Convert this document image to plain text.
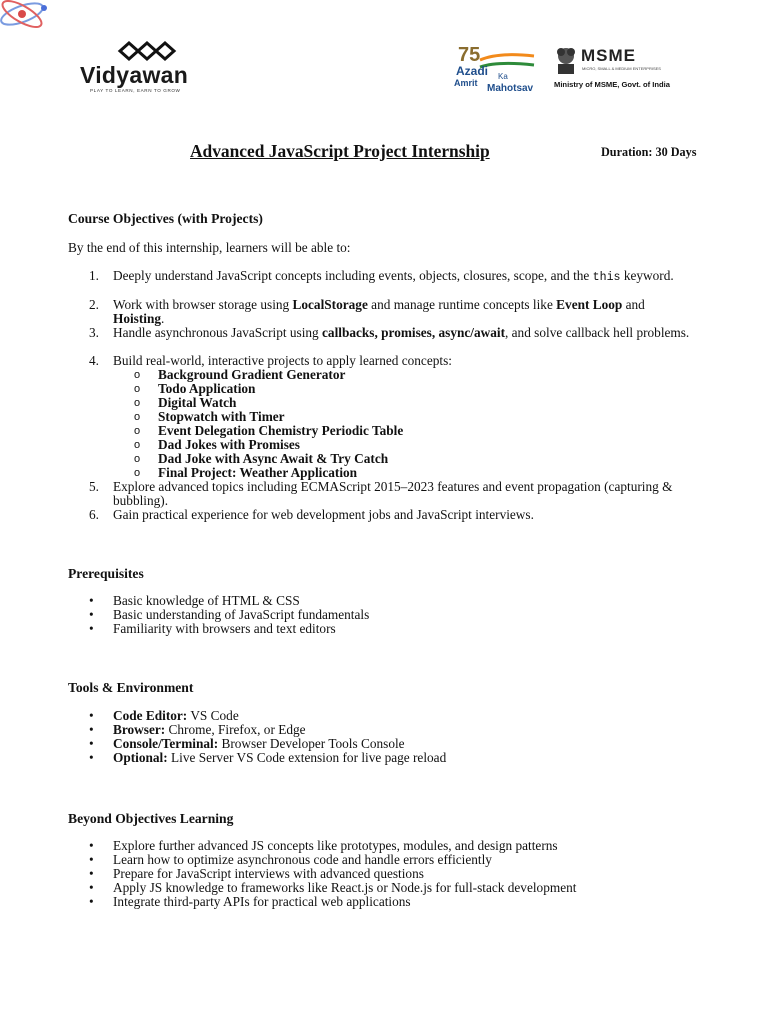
Vidyawan
PLAY TO LEARN, EARN TO GROW
75
Azadi Ka
Amrit Mahotsav
MSME
MICRO, SMALL & MEDIUM ENTERPRISES
Ministry of MSME, Govt. of India
Advanced JavaScript Project Internship	Duration: 30 Days
Course Objectives (with Projects)
By the end of this internship, learners will be able to:
1. Deeply understand JavaScript concepts including events, objects, closures, scope, and the this keyword.
2. Work with browser storage using LocalStorage and manage runtime concepts like Event Loop and Hoisting.
3. Handle asynchronous JavaScript using callbacks, promises, async/await, and solve callback hell problems.
4. Build real-world, interactive projects to apply learned concepts:
o Background Gradient Generator
o Todo Application
o Digital Watch
o Stopwatch with Timer
o Event Delegation Chemistry Periodic Table
o Dad Jokes with Promises
o Dad Joke with Async Await & Try Catch
o Final Project: Weather Application
5. Explore advanced topics including ECMAScript 2015–2023 features and event propagation (capturing & bubbling).
6. Gain practical experience for web development jobs and JavaScript interviews.
Prerequisites
• Basic knowledge of HTML & CSS
• Basic understanding of JavaScript fundamentals
• Familiarity with browsers and text editors
Tools & Environment
• Code Editor: VS Code
• Browser: Chrome, Firefox, or Edge
• Console/Terminal: Browser Developer Tools Console
• Optional: Live Server VS Code extension for live page reload
Beyond Objectives Learning
• Explore further advanced JS concepts like prototypes, modules, and design patterns
• Learn how to optimize asynchronous code and handle errors efficiently
• Prepare for JavaScript interviews with advanced questions
• Apply JS knowledge to frameworks like React.js or Node.js for full-stack development
• Integrate third-party APIs for practical web applications
